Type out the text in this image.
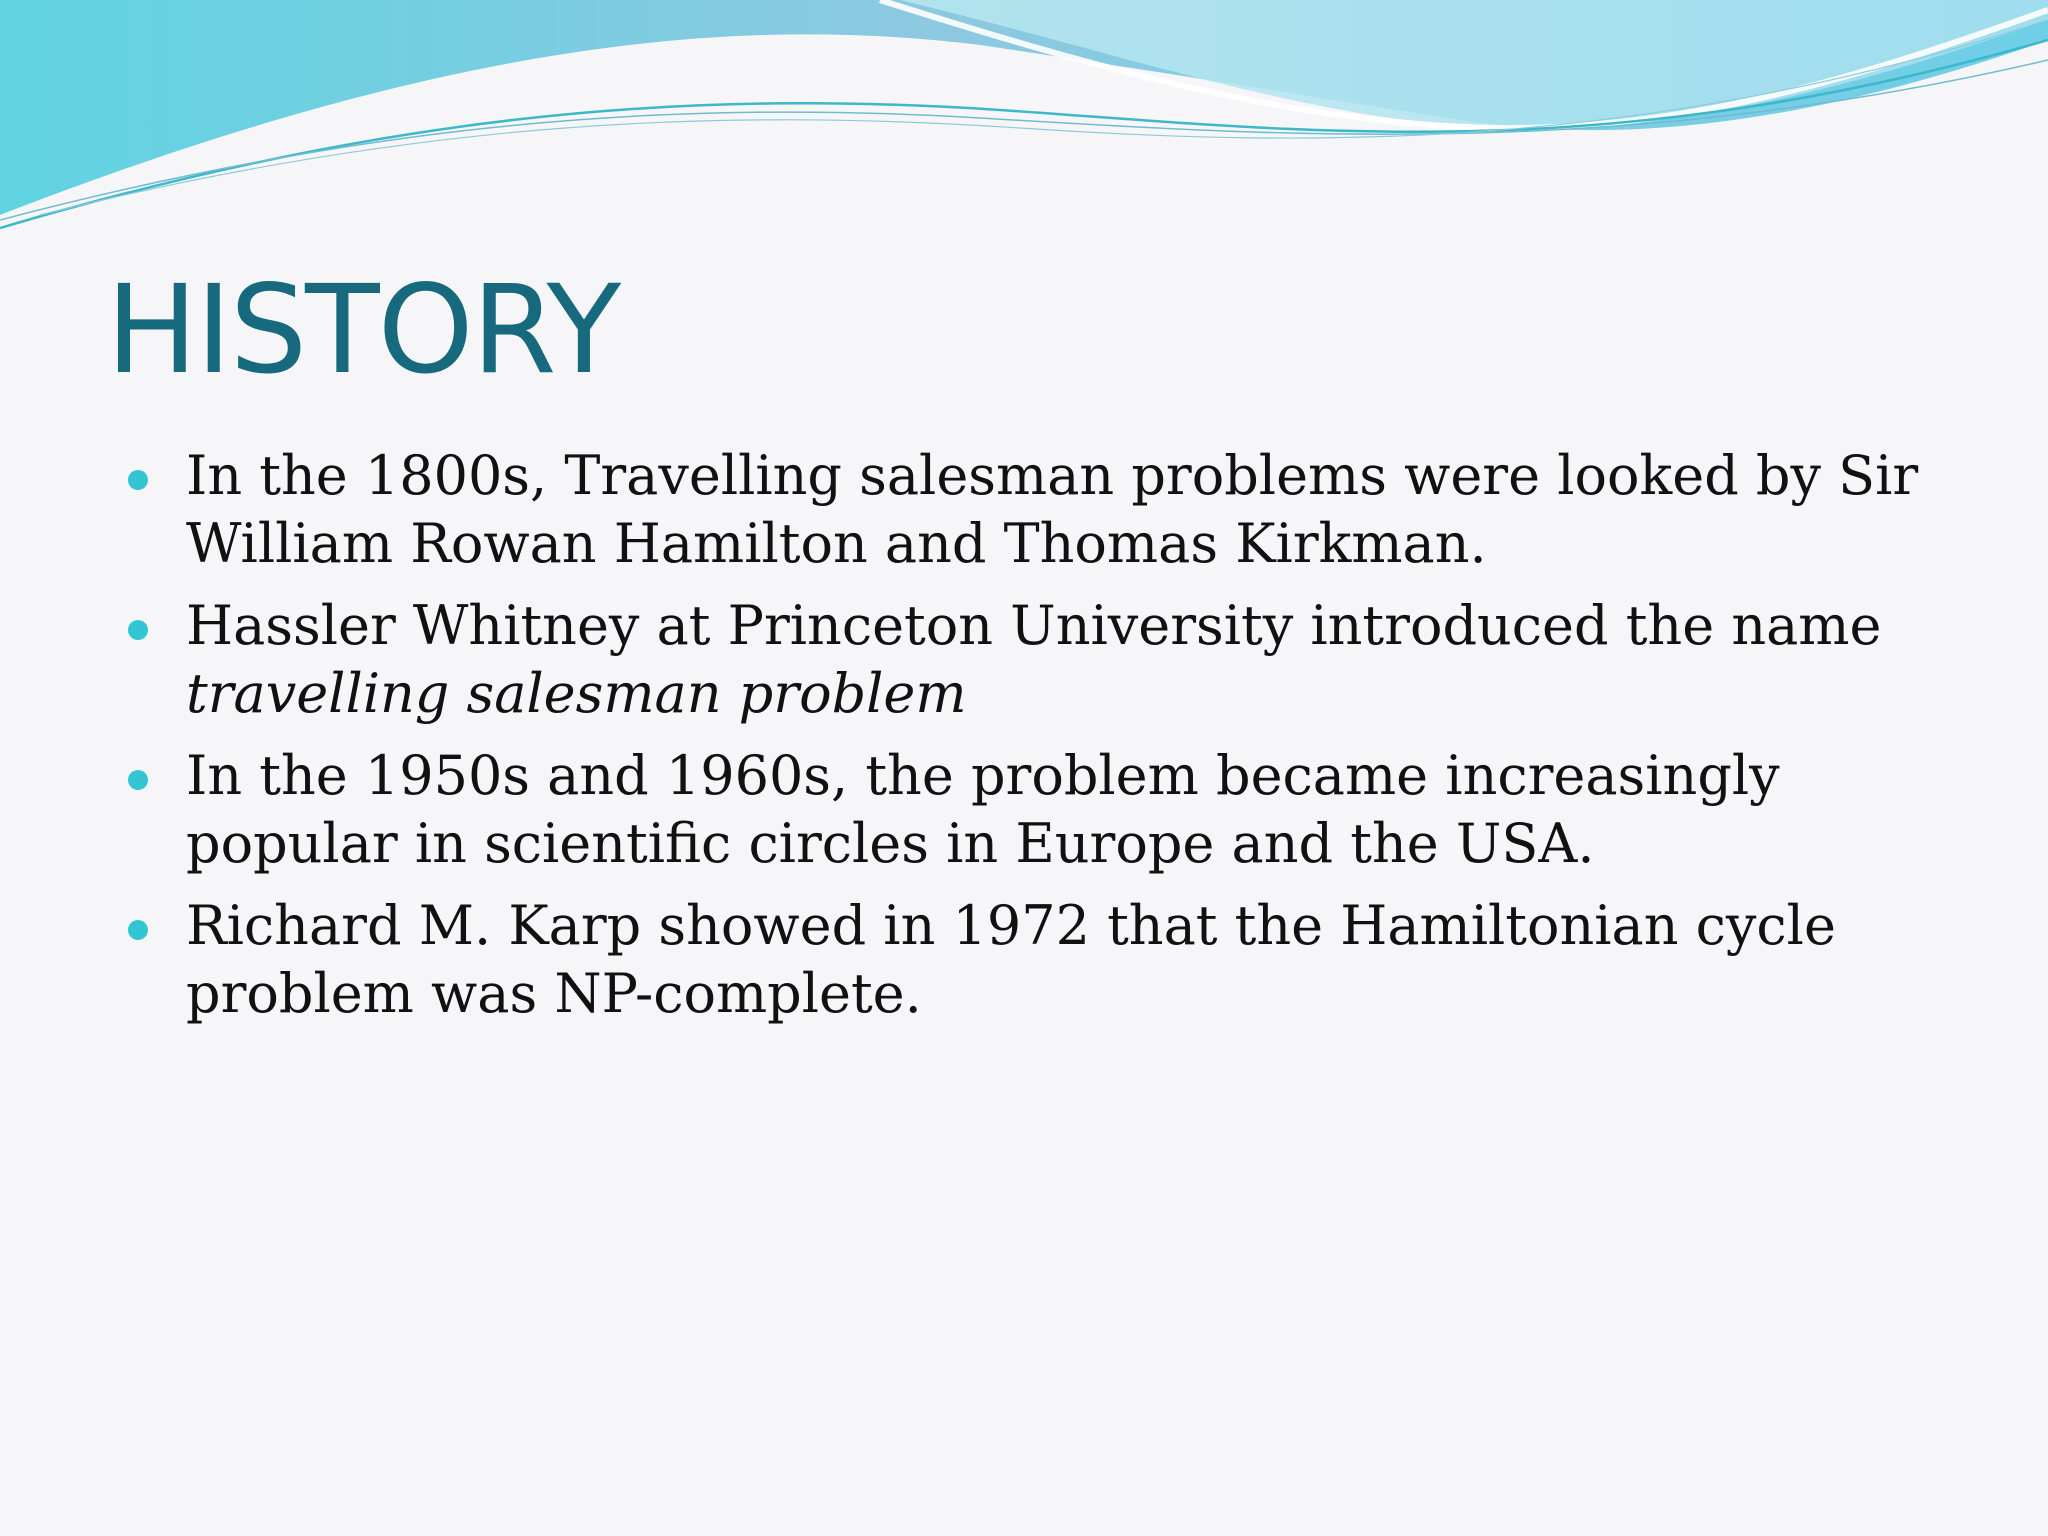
HISTORY
In the 1800s, Travelling salesman problems were looked by Sir William Rowan Hamilton and Thomas Kirkman.
Hassler Whitney at Princeton University introduced the name
travelling salesman problem
In the 1950s and 1960s, the problem became increasingly popular in scientific circles in Europe and the USA.
Richard M. Karp showed in 1972 that the Hamiltonian cycle problem was NP-complete.
